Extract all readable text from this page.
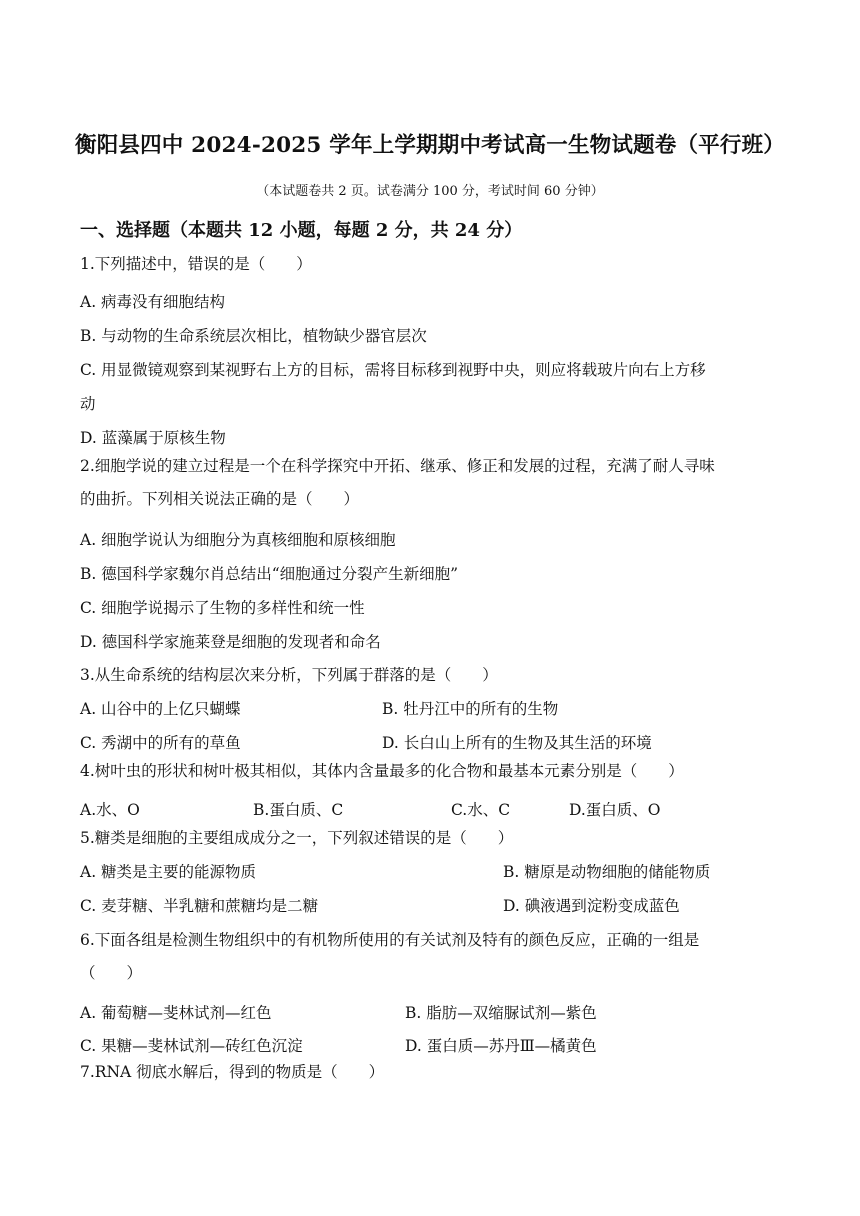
衡阳县四中 2024-2025 学年上学期期中考试高一生物试题卷（平行班）
（本试题卷共 2 页。试卷满分 100 分，考试时间 60 分钟）
一、选择题（本题共 12 小题，每题 2 分，共 24 分）
1.下列描述中，错误的是（　　）
A. 病毒没有细胞结构
B. 与动物的生命系统层次相比，植物缺少器官层次
C. 用显微镜观察到某视野右上方的目标，需将目标移到视野中央，则应将载玻片向右上方移
动
D. 蓝藻属于原核生物
2.细胞学说的建立过程是一个在科学探究中开拓、继承、修正和发展的过程，充满了耐人寻味
的曲折。下列相关说法正确的是（　　）
A. 细胞学说认为细胞分为真核细胞和原核细胞
B. 德国科学家魏尔肖总结出“细胞通过分裂产生新细胞”
C. 细胞学说揭示了生物的多样性和统一性
D. 德国科学家施莱登是细胞的发现者和命名
3.从生命系统的结构层次来分析，下列属于群落的是（　　）
A. 山谷中的上亿只蝴蝶	B. 牡丹江中的所有的生物
C. 秀湖中的所有的草鱼	D. 长白山上所有的生物及其生活的环境
4.树叶虫的形状和树叶极其相似，其体内含量最多的化合物和最基本元素分别是（　　）
A.水、O	B.蛋白质、C	C.水、C	D.蛋白质、O
5.糖类是细胞的主要组成成分之一，下列叙述错误的是（　　）
A. 糖类是主要的能源物质	B. 糖原是动物细胞的储能物质
C. 麦芽糖、半乳糖和蔗糖均是二糖	D. 碘液遇到淀粉变成蓝色
6.下面各组是检测生物组织中的有机物所使用的有关试剂及特有的颜色反应，正确的一组是
（　　）
A. 葡萄糖—斐林试剂—红色	B. 脂肪—双缩脲试剂—紫色
C. 果糖—斐林试剂—砖红色沉淀	D. 蛋白质—苏丹Ⅲ—橘黄色
7.RNA 彻底水解后，得到的物质是（　　）
